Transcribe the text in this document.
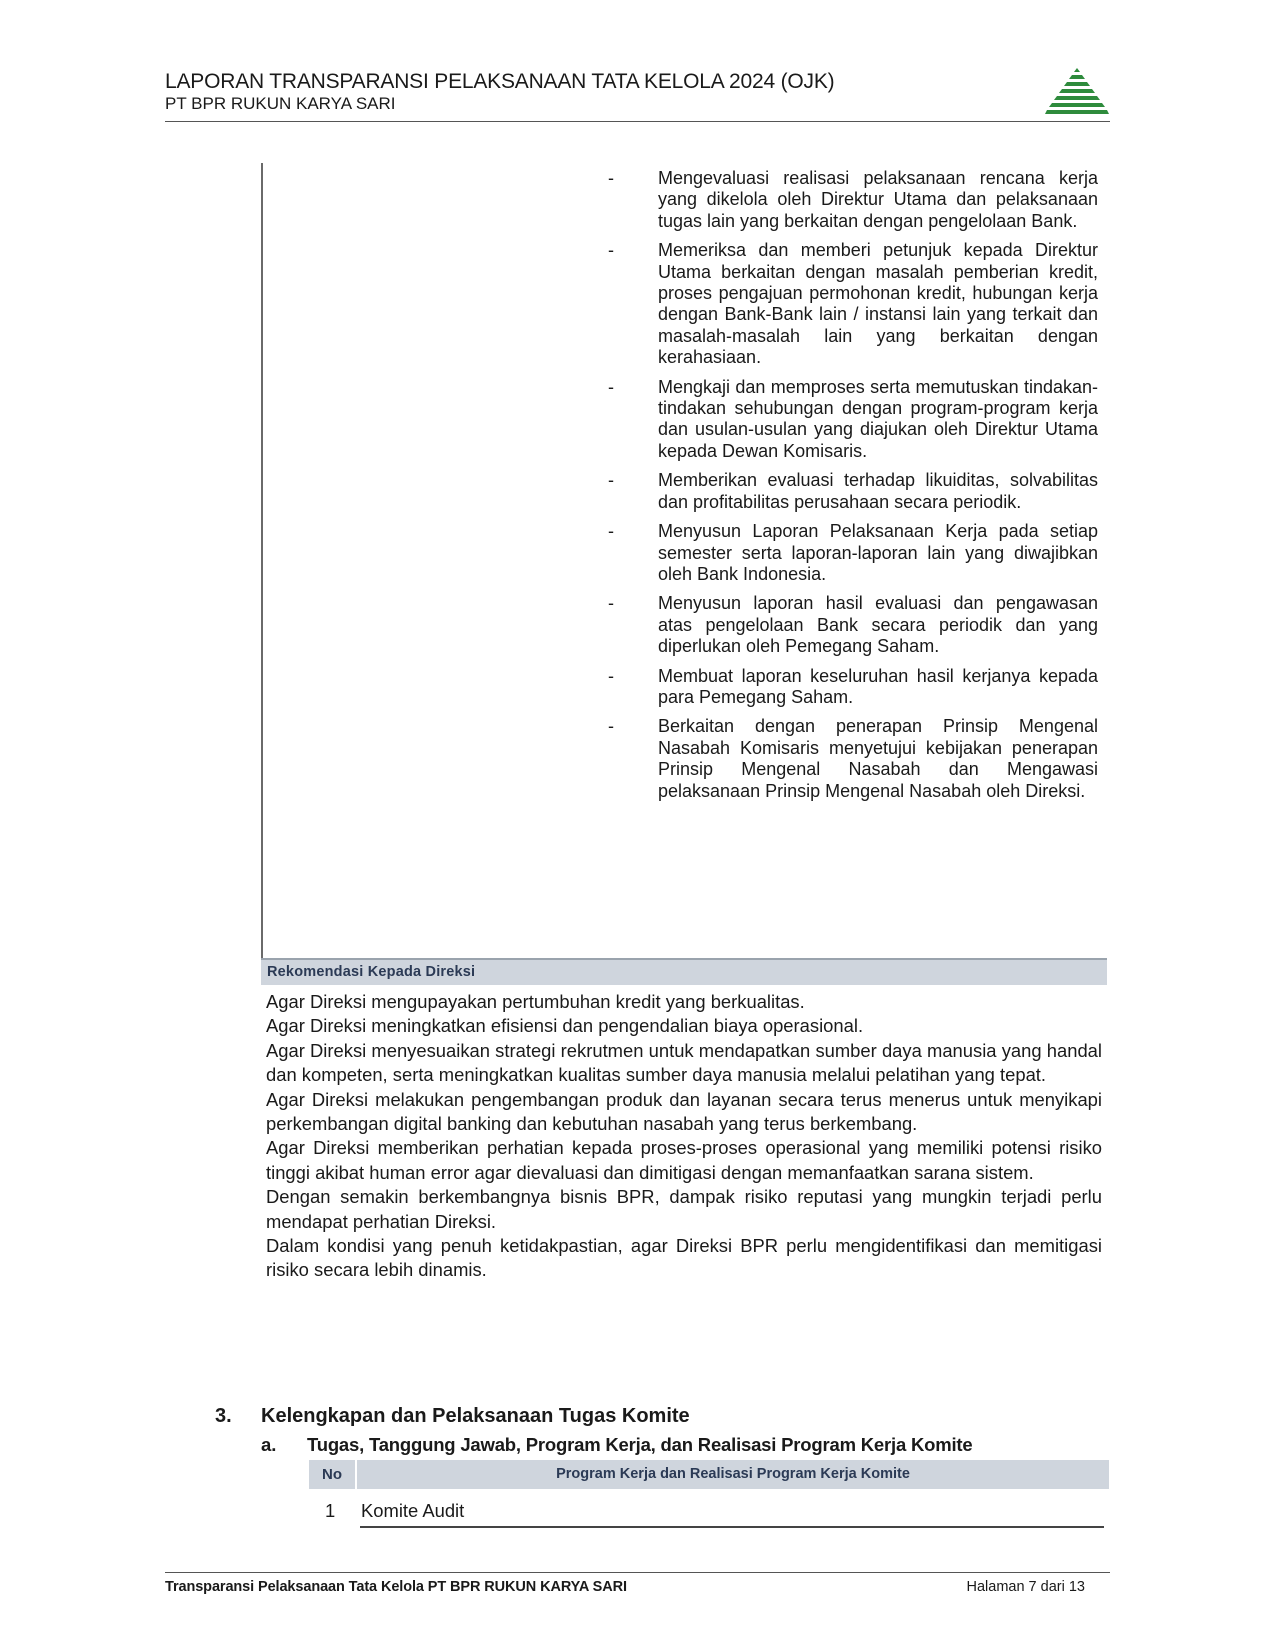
LAPORAN TRANSPARANSI PELAKSANAAN TATA KELOLA 2024 (OJK)
PT BPR RUKUN KARYA SARI
- Mengevaluasi realisasi pelaksanaan rencana kerja yang dikelola oleh Direktur Utama dan pelaksanaan tugas lain yang berkaitan dengan pengelolaan Bank.
- Memeriksa dan memberi petunjuk kepada Direktur Utama berkaitan dengan masalah pemberian kredit, proses pengajuan permohonan kredit, hubungan kerja dengan Bank-Bank lain / instansi lain yang terkait dan masalah-masalah lain yang berkaitan dengan kerahasiaan.
- Mengkaji dan memproses serta memutuskan tindakan-tindakan sehubungan dengan program-program kerja dan usulan-usulan yang diajukan oleh Direktur Utama kepada Dewan Komisaris.
- Memberikan evaluasi terhadap likuiditas, solvabilitas dan profitabilitas perusahaan secara periodik.
- Menyusun Laporan Pelaksanaan Kerja pada setiap semester serta laporan-laporan lain yang diwajibkan oleh Bank Indonesia.
- Menyusun laporan hasil evaluasi dan pengawasan atas pengelolaan Bank secara periodik dan yang diperlukan oleh Pemegang Saham.
- Membuat laporan keseluruhan hasil kerjanya kepada para Pemegang Saham.
- Berkaitan dengan penerapan Prinsip Mengenal Nasabah Komisaris menyetujui kebijakan penerapan Prinsip Mengenal Nasabah dan Mengawasi pelaksanaan Prinsip Mengenal Nasabah oleh Direksi.
Rekomendasi Kepada Direksi
Agar Direksi mengupayakan pertumbuhan kredit yang berkualitas.
Agar Direksi meningkatkan efisiensi dan pengendalian biaya operasional.
Agar Direksi menyesuaikan strategi rekrutmen untuk mendapatkan sumber daya manusia yang handal dan kompeten, serta meningkatkan kualitas sumber daya manusia melalui pelatihan yang tepat.
Agar Direksi melakukan pengembangan produk dan layanan secara terus menerus untuk menyikapi perkembangan digital banking dan kebutuhan nasabah yang terus berkembang.
Agar Direksi memberikan perhatian kepada proses-proses operasional yang memiliki potensi risiko tinggi akibat human error agar dievaluasi dan dimitigasi dengan memanfaatkan sarana sistem.
Dengan semakin berkembangnya bisnis BPR, dampak risiko reputasi yang mungkin terjadi perlu mendapat perhatian Direksi.
Dalam kondisi yang penuh ketidakpastian, agar Direksi BPR perlu mengidentifikasi dan memitigasi risiko secara lebih dinamis.
3. Kelengkapan dan Pelaksanaan Tugas Komite
a. Tugas, Tanggung Jawab, Program Kerja, dan Realisasi Program Kerja Komite
No	Program Kerja dan Realisasi Program Kerja Komite
1 Komite Audit
Transparansi Pelaksanaan Tata Kelola PT BPR RUKUN KARYA SARI	Halaman 7 dari 13
